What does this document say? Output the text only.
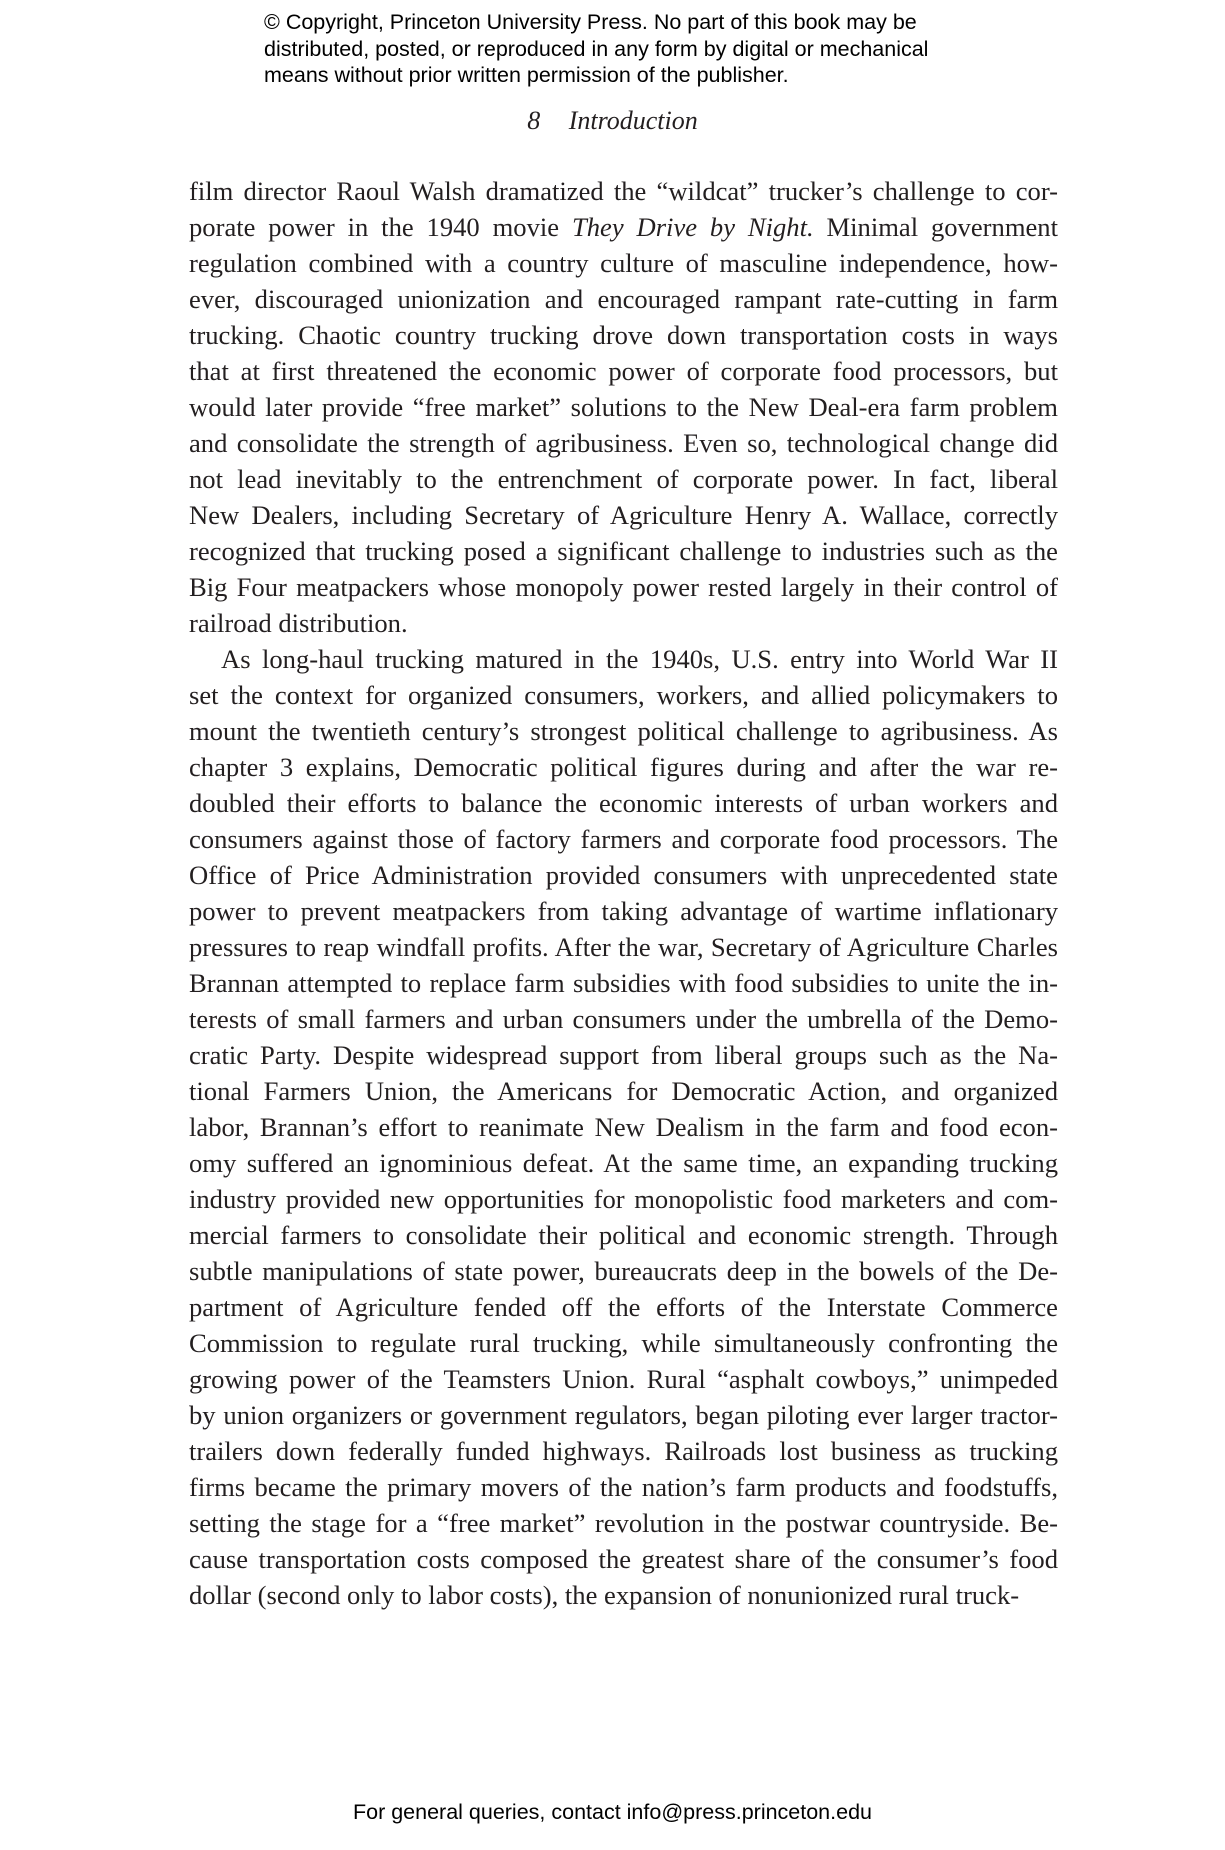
© Copyright, Princeton University Press. No part of this book may be
distributed, posted, or reproduced in any form by digital or mechanical
means without prior written permission of the publisher.
8 Introduction
film director Raoul Walsh dramatized the “wildcat” trucker’s challenge to cor-
porate power in the 1940 movie They Drive by Night. Minimal government
regulation combined with a country culture of masculine independence, how-
ever, discouraged unionization and encouraged rampant rate-cutting in farm
trucking. Chaotic country trucking drove down transportation costs in ways
that at first threatened the economic power of corporate food processors, but
would later provide “free market” solutions to the New Deal-era farm problem
and consolidate the strength of agribusiness. Even so, technological change did
not lead inevitably to the entrenchment of corporate power. In fact, liberal
New Dealers, including Secretary of Agriculture Henry A. Wallace, correctly
recognized that trucking posed a significant challenge to industries such as the
Big Four meatpackers whose monopoly power rested largely in their control of
railroad distribution.
As long-haul trucking matured in the 1940s, U.S. entry into World War II
set the context for organized consumers, workers, and allied policymakers to
mount the twentieth century’s strongest political challenge to agribusiness. As
chapter 3 explains, Democratic political figures during and after the war re-
doubled their efforts to balance the economic interests of urban workers and
consumers against those of factory farmers and corporate food processors. The
Office of Price Administration provided consumers with unprecedented state
power to prevent meatpackers from taking advantage of wartime inflationary
pressures to reap windfall profits. After the war, Secretary of Agriculture Charles
Brannan attempted to replace farm subsidies with food subsidies to unite the in-
terests of small farmers and urban consumers under the umbrella of the Demo-
cratic Party. Despite widespread support from liberal groups such as the Na-
tional Farmers Union, the Americans for Democratic Action, and organized
labor, Brannan’s effort to reanimate New Dealism in the farm and food econ-
omy suffered an ignominious defeat. At the same time, an expanding trucking
industry provided new opportunities for monopolistic food marketers and com-
mercial farmers to consolidate their political and economic strength. Through
subtle manipulations of state power, bureaucrats deep in the bowels of the De-
partment of Agriculture fended off the efforts of the Interstate Commerce
Commission to regulate rural trucking, while simultaneously confronting the
growing power of the Teamsters Union. Rural “asphalt cowboys,” unimpeded
by union organizers or government regulators, began piloting ever larger tractor-
trailers down federally funded highways. Railroads lost business as trucking
firms became the primary movers of the nation’s farm products and foodstuffs,
setting the stage for a “free market” revolution in the postwar countryside. Be-
cause transportation costs composed the greatest share of the consumer’s food
dollar (second only to labor costs), the expansion of nonunionized rural truck-
For general queries, contact info@press.princeton.edu
